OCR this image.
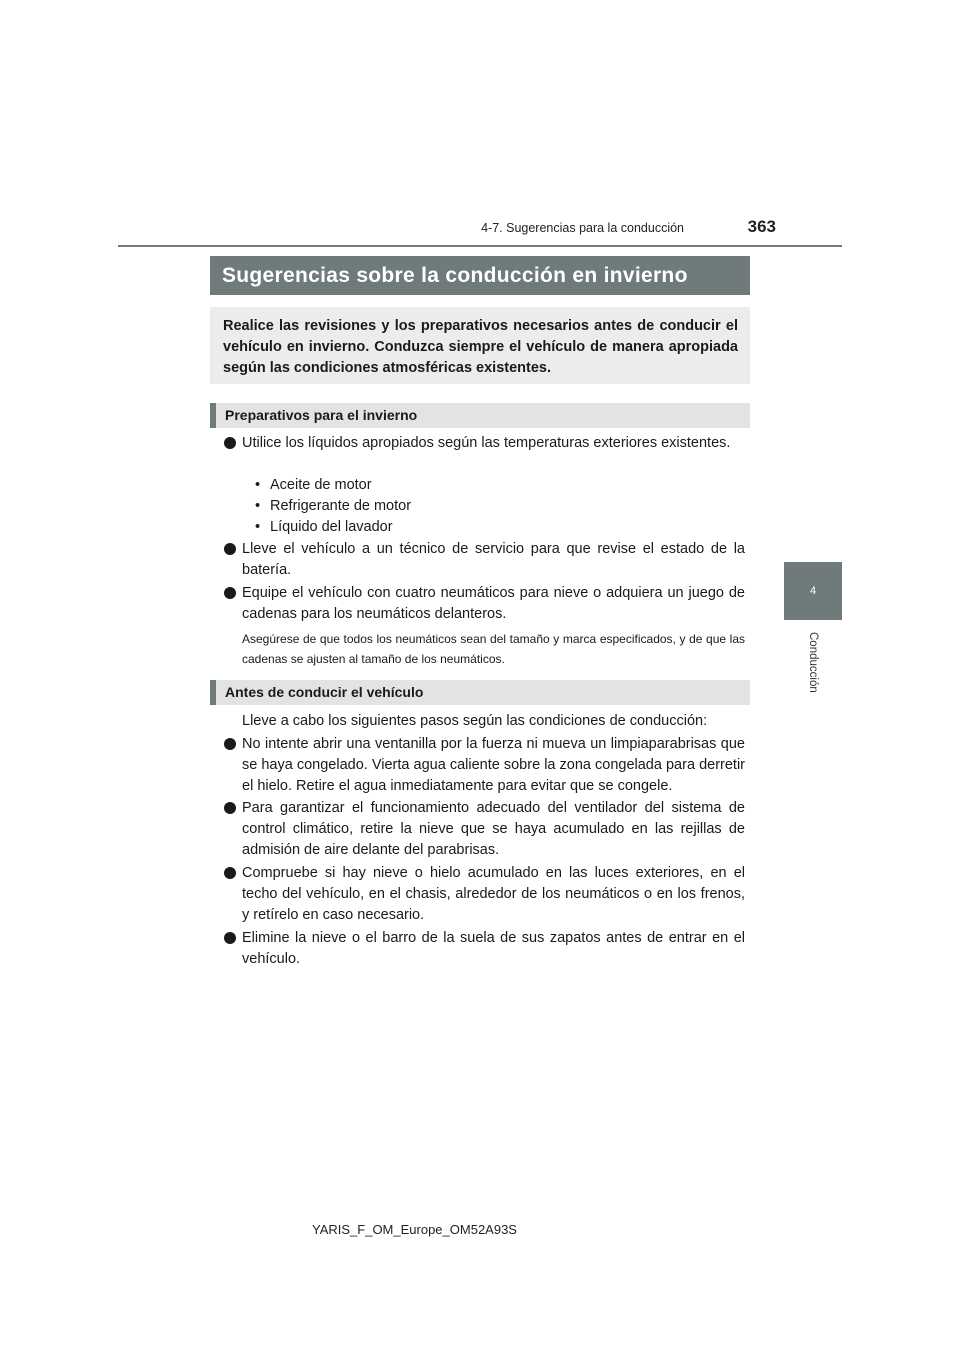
4-7. Sugerencias para la conducción	363
4
Conducción
Sugerencias sobre la conducción en invierno
Realice las revisiones y los preparativos necesarios antes de conducir el vehículo en invierno. Conduzca siempre el vehículo de manera apropiada según las condiciones atmosféricas existentes.
Preparativos para el invierno
Utilice los líquidos apropiados según las temperaturas exteriores existentes.
• Aceite de motor
• Refrigerante de motor
• Líquido del lavador
Lleve el vehículo a un técnico de servicio para que revise el estado de la batería.
Equipe el vehículo con cuatro neumáticos para nieve o adquiera un juego de cadenas para los neumáticos delanteros.
Asegúrese de que todos los neumáticos sean del tamaño y marca especificados, y de que las cadenas se ajusten al tamaño de los neumáticos.
Antes de conducir el vehículo
Lleve a cabo los siguientes pasos según las condiciones de conducción:
No intente abrir una ventanilla por la fuerza ni mueva un limpiaparabrisas que se haya congelado. Vierta agua caliente sobre la zona congelada para derretir el hielo. Retire el agua inmediatamente para evitar que se congele.
Para garantizar el funcionamiento adecuado del ventilador del sistema de control climático, retire la nieve que se haya acumulado en las rejillas de admisión de aire delante del parabrisas.
Compruebe si hay nieve o hielo acumulado en las luces exteriores, en el techo del vehículo, en el chasis, alrededor de los neumáticos o en los frenos, y retírelo en caso necesario.
Elimine la nieve o el barro de la suela de sus zapatos antes de entrar en el vehículo.
YARIS_F_OM_Europe_OM52A93S
